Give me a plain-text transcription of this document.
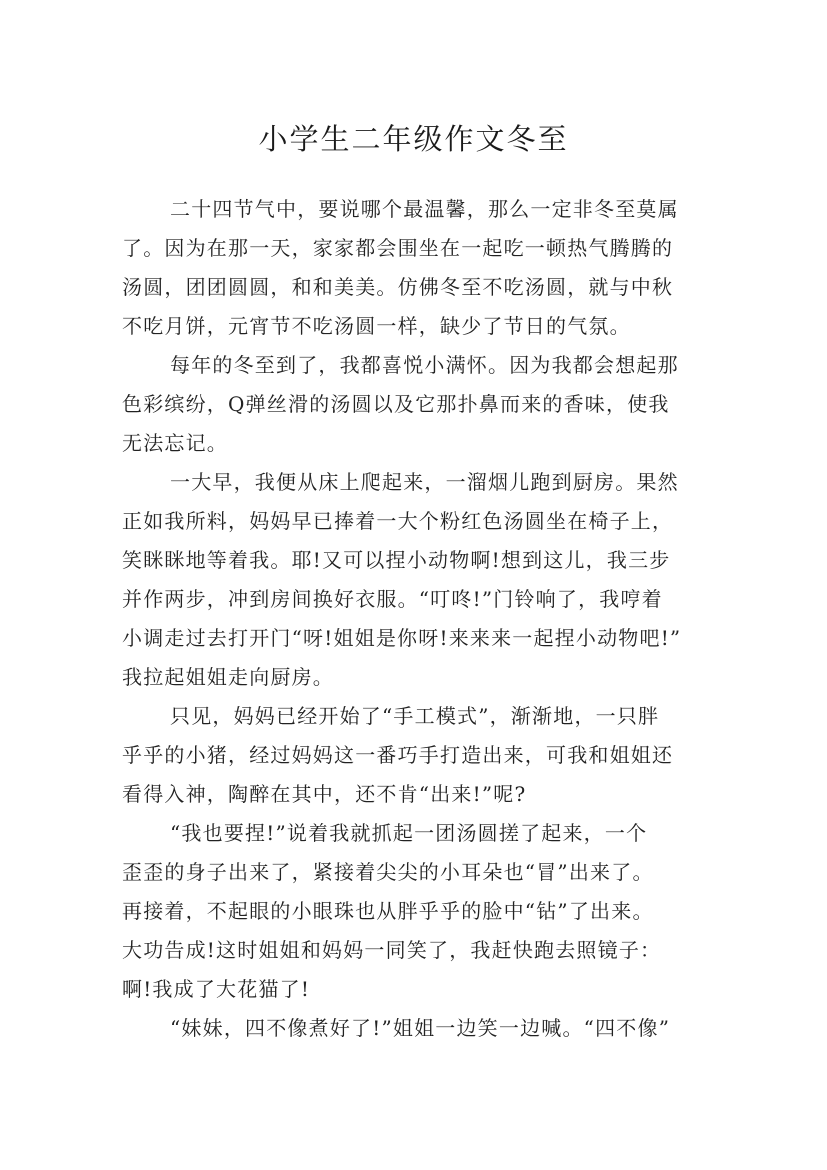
小学生二年级作文冬至
二十四节气中，要说哪个最温馨，那么一定非冬至莫属
了。因为在那一天，家家都会围坐在一起吃一顿热气腾腾的
汤圆，团团圆圆，和和美美。仿佛冬至不吃汤圆，就与中秋
不吃月饼，元宵节不吃汤圆一样，缺少了节日的气氛。
每年的冬至到了，我都喜悦小满怀。因为我都会想起那
色彩缤纷，Q弹丝滑的汤圆以及它那扑鼻而来的香味，使我
无法忘记。
一大早，我便从床上爬起来，一溜烟儿跑到厨房。果然
正如我所料，妈妈早已捧着一大个粉红色汤圆坐在椅子上，
笑眯眯地等着我。耶!又可以捏小动物啊!想到这儿，我三步
并作两步，冲到房间换好衣服。“叮咚!”门铃响了，我哼着
小调走过去打开门“呀!姐姐是你呀!来来来一起捏小动物吧!”
我拉起姐姐走向厨房。
只见，妈妈已经开始了“手工模式”，渐渐地，一只胖
乎乎的小猪，经过妈妈这一番巧手打造出来，可我和姐姐还
看得入神，陶醉在其中，还不肯“出来!”呢?
“我也要捏!”说着我就抓起一团汤圆搓了起来，一个
歪歪的身子出来了，紧接着尖尖的小耳朵也“冒”出来了。
再接着，不起眼的小眼珠也从胖乎乎的脸中“钻”了出来。
大功告成!这时姐姐和妈妈一同笑了，我赶快跑去照镜子：
啊!我成了大花猫了!
“妹妹，四不像煮好了!”姐姐一边笑一边喊。“四不像”
